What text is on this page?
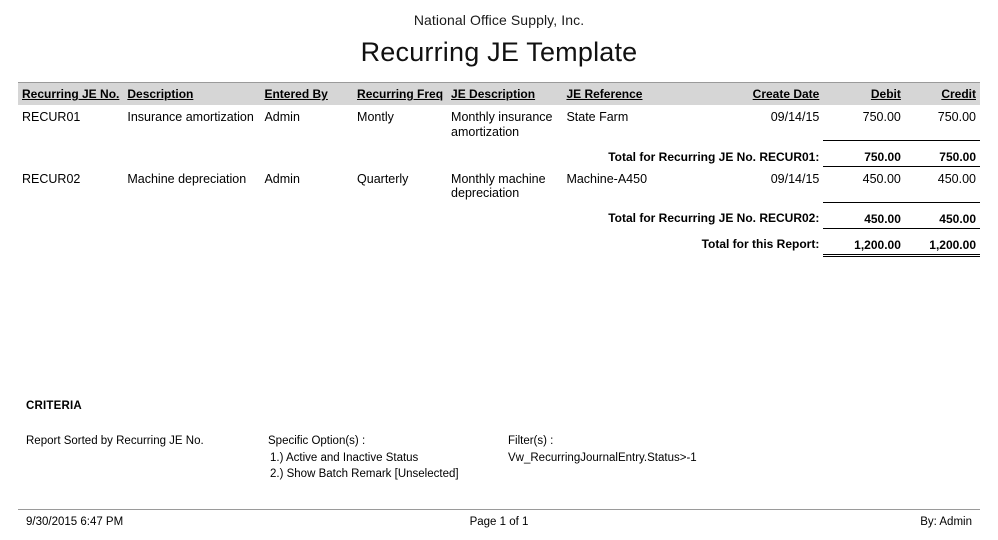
National Office Supply, Inc.
Recurring JE Template
Recurring JE No.	Description	Entered By	Recurring Freq	JE Description	JE Reference	Create Date	Debit	Credit
RECUR01	Insurance amortization	Admin	Montly	Monthly insurance amortization	State Farm	09/14/15	750.00	750.00
Total for Recurring JE No. RECUR01:							750.00	750.00
RECUR02	Machine depreciation	Admin	Quarterly	Monthly machine depreciation	Machine-A450	09/14/15	450.00	450.00
Total for Recurring JE No. RECUR02:							450.00	450.00
Total for this Report:							1,200.00	1,200.00
CRITERIA
Report Sorted by Recurring JE No.	Specific Option(s) :
1.) Active and Inactive Status
2.) Show Batch Remark [Unselected]
Filter(s) :
Vw_RecurringJournalEntry.Status>-1
9/30/2015 6:47 PM	Page 1 of 1	By: Admin
